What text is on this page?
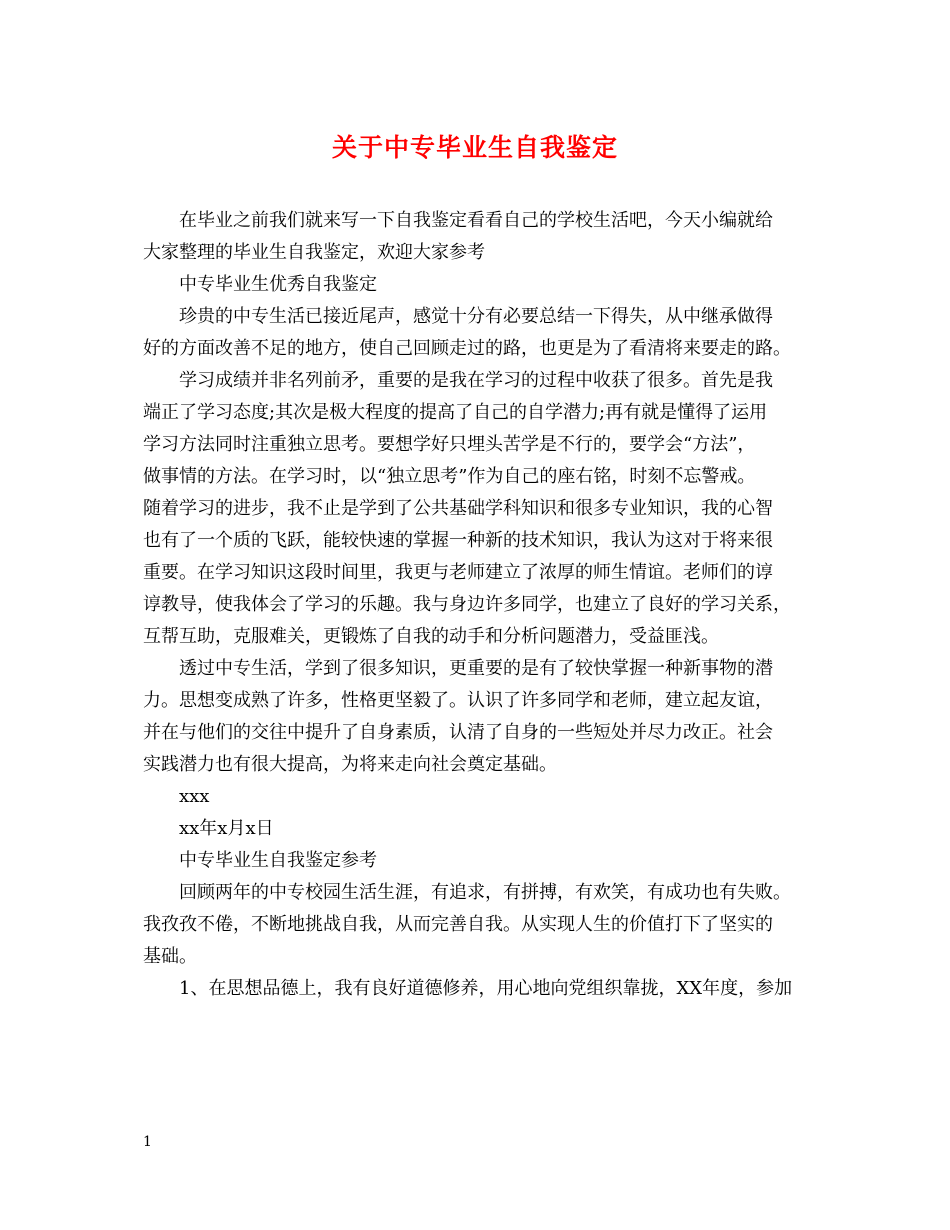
关于中专毕业生自我鉴定
在毕业之前我们就来写一下自我鉴定看看自己的学校生活吧，今天小编就给
大家整理的毕业生自我鉴定，欢迎大家参考
中专毕业生优秀自我鉴定
珍贵的中专生活已接近尾声，感觉十分有必要总结一下得失，从中继承做得
好的方面改善不足的地方，使自己回顾走过的路，也更是为了看清将来要走的路。
学习成绩并非名列前矛，重要的是我在学习的过程中收获了很多。首先是我
端正了学习态度;其次是极大程度的提高了自己的自学潜力;再有就是懂得了运用
学习方法同时注重独立思考。要想学好只埋头苦学是不行的，要学会“方法”，
做事情的方法。在学习时，以“独立思考”作为自己的座右铭，时刻不忘警戒。
随着学习的进步，我不止是学到了公共基础学科知识和很多专业知识，我的心智
也有了一个质的飞跃，能较快速的掌握一种新的技术知识，我认为这对于将来很
重要。在学习知识这段时间里，我更与老师建立了浓厚的师生情谊。老师们的谆
谆教导，使我体会了学习的乐趣。我与身边许多同学，也建立了良好的学习关系，
互帮互助，克服难关，更锻炼了自我的动手和分析问题潜力，受益匪浅。
透过中专生活，学到了很多知识，更重要的是有了较快掌握一种新事物的潜
力。思想变成熟了许多，性格更坚毅了。认识了许多同学和老师，建立起友谊，
并在与他们的交往中提升了自身素质，认清了自身的一些短处并尽力改正。社会
实践潜力也有很大提高，为将来走向社会奠定基础。
xxx
xx年x月x日
中专毕业生自我鉴定参考
回顾两年的中专校园生活生涯，有追求，有拼搏，有欢笑，有成功也有失败。
我孜孜不倦，不断地挑战自我，从而完善自我。从实现人生的价值打下了坚实的
基础。
1、在思想品德上，我有良好道德修养，用心地向党组织靠拢，XX年度，参加

1
